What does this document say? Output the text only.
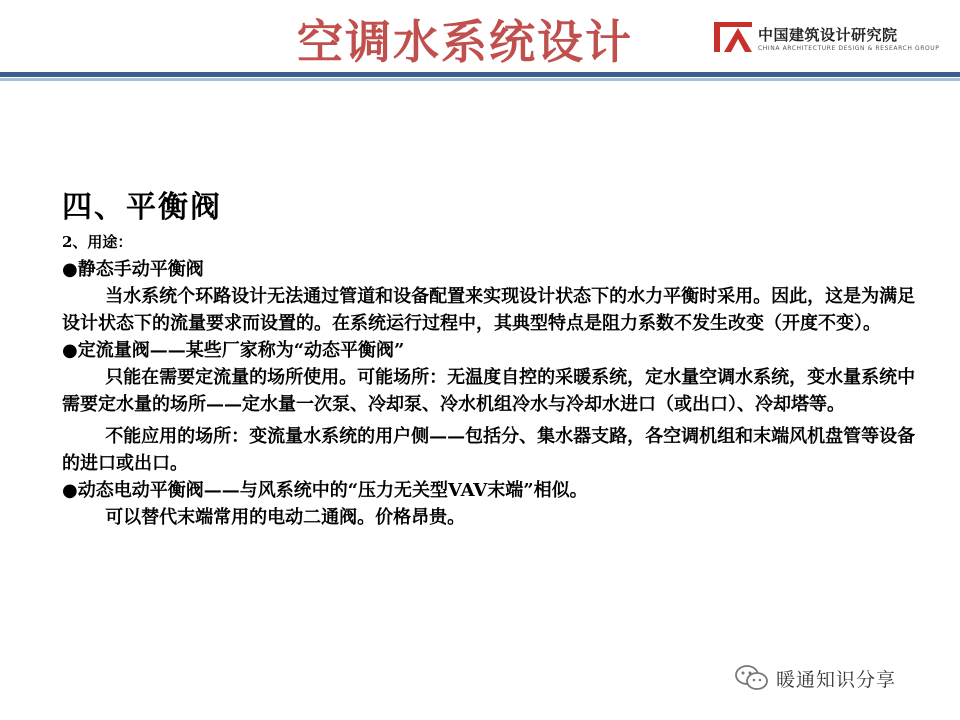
空调水系统设计	中国建筑设计研究院
CHINA ARCHITECTURE DESIGN & RESEARCH GROUP
四、平衡阀

2、用途：

●静态手动平衡阀

当水系统个环路设计无法通过管道和设备配置来实现设计状态下的水力平衡时采用。因此，这是为满足设计状态下的流量要求而设置的。在系统运行过程中，其典型特点是阻力系数不发生改变（开度不变）。

●定流量阀——某些厂家称为“动态平衡阀”

只能在需要定流量的场所使用。可能场所：无温度自控的采暖系统，定水量空调水系统，变水量系统中需要定水量的场所——定水量一次泵、冷却泵、冷水机组冷水与冷却水进口（或出口）、冷却塔等。

不能应用的场所：变流量水系统的用户侧——包括分、集水器支路，各空调机组和末端风机盘管等设备的进口或出口。

●动态电动平衡阀——与风系统中的“压力无关型VAV末端”相似。

可以替代末端常用的电动二通阀。价格昂贵。

暖通知识分享
